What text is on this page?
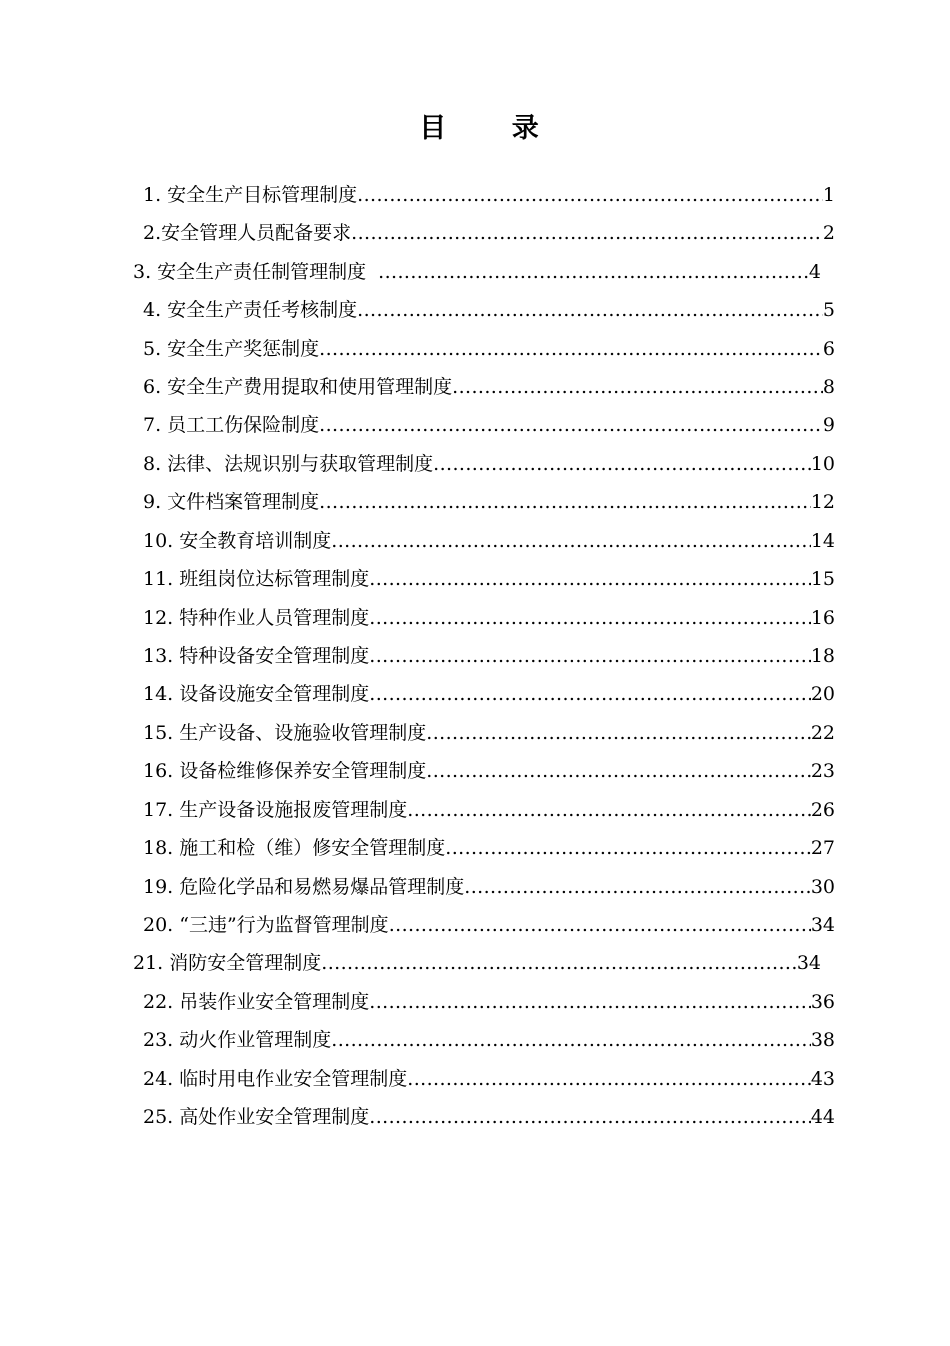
目 录
1. 安全生产目标管理制度 .....	1
2.安全管理人员配备要求 .....	2
3. 安全生产责任制管理制度 .....	4
4. 安全生产责任考核制度 .....	5
5. 安全生产奖惩制度 .....	6
6. 安全生产费用提取和使用管理制度 .....	8
7. 员工工伤保险制度 .....	9
8. 法律、法规识别与获取管理制度 .....	10
9. 文件档案管理制度 .....	12
10. 安全教育培训制度 .....	14
11. 班组岗位达标管理制度 .....	15
12. 特种作业人员管理制度 .....	16
13. 特种设备安全管理制度 .....	18
14. 设备设施安全管理制度 .....	20
15. 生产设备、设施验收管理制度 .....	22
16. 设备检维修保养安全管理制度 .....	23
17. 生产设备设施报废管理制度 .....	26
18. 施工和检（维）修安全管理制度 .....	27
19. 危险化学品和易燃易爆品管理制度 .....	30
20. “三违”行为监督管理制度 .....	34
21. 消防安全管理制度 .....	34
22. 吊装作业安全管理制度 .....	36
23. 动火作业管理制度 .....	38
24. 临时用电作业安全管理制度 .....	43
25. 高处作业安全管理制度 .....	44
